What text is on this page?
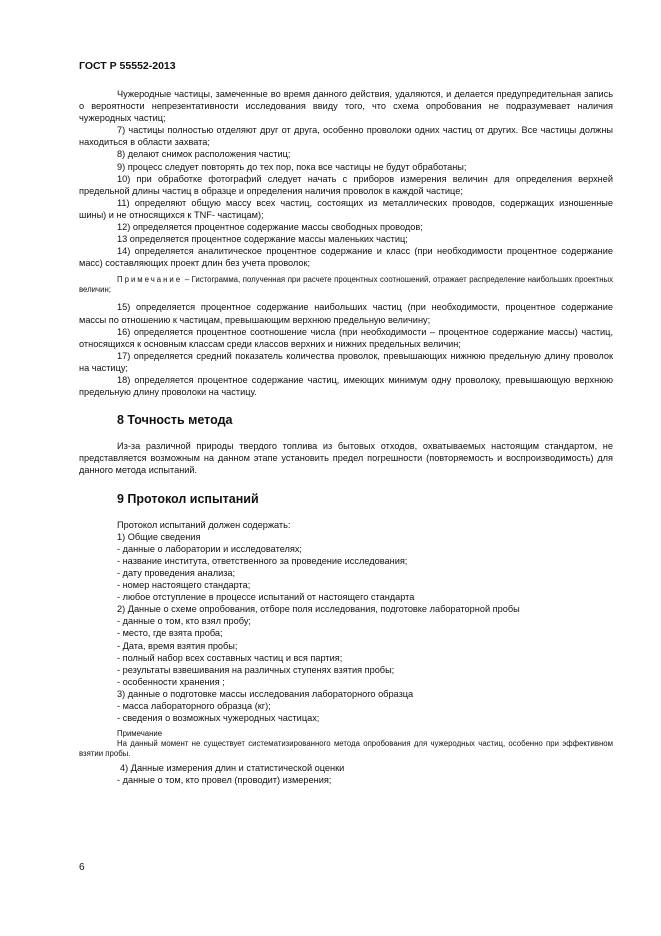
ГОСТ Р 55552-2013

Чужеродные частицы, замеченные во время данного действия, удаляются, и делается предупредительная запись о вероятности непрезентативности исследования ввиду того, что схема опробования не подразумевает наличия чужеродных частиц;

7) частицы полностью отделяют друг от друга, особенно проволоки одних частиц от других. Все частицы должны находиться в области захвата;

8) делают снимок расположения частиц;

9) процесс следует повторять до тех пор, пока все частицы не будут обработаны;

10) при обработке фотографий следует начать с приборов измерения величин для определения верхней предельной длины частиц в образце и определения наличия проволок в каждой частице;

11) определяют общую массу всех частиц, состоящих из металлических проводов, содержащих изношенные шины) и не относящихся к TNF- частицам);

12) определяется процентное содержание массы свободных проводов;

13 определяется процентное содержание массы маленьких частиц;

14) определяется аналитическое процентное содержание и класс (при необходимости процентное содержание масс) составляющих проект длин без учета проволок;

Примечание – Гистограмма, полученная при расчете процентных соотношений, отражает распределение наибольших проектных величин;

15) определяется процентное содержание наибольших частиц (при необходимости, процентное содержание массы по отношению к частицам, превышающим верхнюю предельную величину;

16) определяется процентное соотношение числа (при необходимости – процентное содержание массы) частиц, относящихся к основным классам среди классов верхних и нижних предельных величин;

17) определяется средний показатель количества проволок, превышающих нижнюю предельную длину проволок на частицу;

18) определяется процентное содержание частиц, имеющих минимум одну проволоку, превышающую верхнюю предельную длину проволоки на частицу.

8 Точность метода

Из-за различной природы твердого топлива из бытовых отходов, охватываемых настоящим стандартом, не представляется возможным на данном этапе установить предел погрешности (повторяемость и воспроизводимость) для данного метода испытаний.

9 Протокол испытаний
Протокол испытаний должен содержать:
1) Общие сведения
- данные о лаборатории и исследователях;
- название института, ответственного за проведение исследования;
- дату проведения анализа;
- номер настоящего стандарта;
- любое отступление в процессе испытаний от настоящего стандарта
2) Данные о схеме опробования, отборе поля исследования, подготовке лабораторной пробы
- данные о том, кто взял пробу;
- место, где взята проба;
- Дата, время взятия пробы;
- полный набор всех составных частиц и вся партия;
- результаты взвешивания на различных ступенях взятия пробы;
- особенности хранения ;
3) данные о подготовке массы исследования лабораторного образца
- масса лабораторного образца (кг);
- сведения о возможных чужеродных частицах;
Примечание
На данный момент не существует систематизированного метода опробования для чужеродных частиц, особенно при эффективном взятии пробы.
4) Данные измерения длин и статистической оценки
- данные о том, кто провел (проводит) измерения;
6
